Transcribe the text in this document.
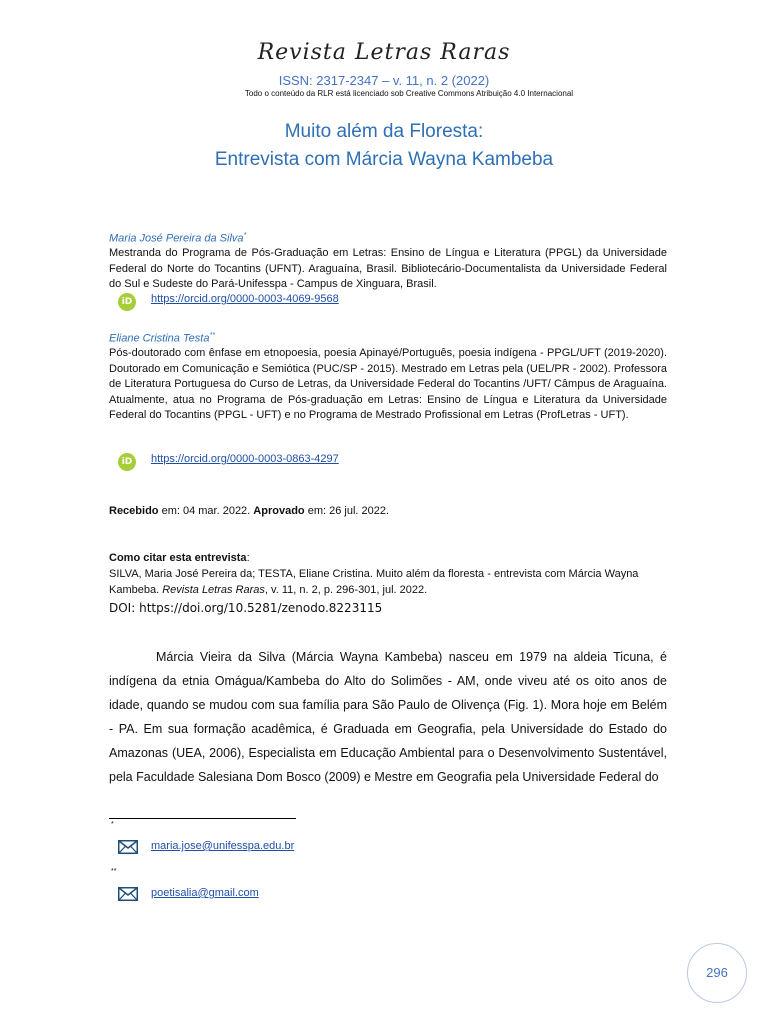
Revista Letras Raras
ISSN: 2317-2347 – v. 11, n. 2 (2022)
Todo o conteúdo da RLR está licenciado sob Creative Commons Atribuição 4.0 Internacional
Muito além da Floresta:
Entrevista com Márcia Wayna Kambeba
Maria José Pereira da Silva*
Mestranda do Programa de Pós-Graduação em Letras: Ensino de Língua e Literatura (PPGL) da Universidade Federal do Norte do Tocantins (UFNT). Araguaína, Brasil. Bibliotecário-Documentalista da Universidade Federal do Sul e Sudeste do Pará-Unifesspa - Campus de Xinguara, Brasil.
iD	https://orcid.org/0000-0003-4069-9568
Eliane Cristina Testa**
Pós-doutorado com ênfase em etnopoesia, poesia Apinayé/Português, poesia indígena - PPGL/UFT (2019-2020). Doutorado em Comunicação e Semiótica (PUC/SP - 2015). Mestrado em Letras pela (UEL/PR - 2002). Professora de Literatura Portuguesa do Curso de Letras, da Universidade Federal do Tocantins /UFT/ Câmpus de Araguaína. Atualmente, atua no Programa de Pós-graduação em Letras: Ensino de Língua e Literatura da Universidade Federal do Tocantins (PPGL - UFT) e no Programa de Mestrado Profissional em Letras (ProfLetras - UFT).
iD	https://orcid.org/0000-0003-0863-4297
Recebido em: 04 mar. 2022. Aprovado em: 26 jul. 2022.
Como citar esta entrevista:
SILVA, Maria José Pereira da; TESTA, Eliane Cristina. Muito além da floresta - entrevista com Márcia Wayna Kambeba. Revista Letras Raras, v. 11, n. 2, p. 296-301, jul. 2022.
DOI: https://doi.org/10.5281/zenodo.8223115
Márcia Vieira da Silva (Márcia Wayna Kambeba) nasceu em 1979 na aldeia Ticuna, é indígena da etnia Omágua/Kambeba do Alto do Solimões - AM, onde viveu até os oito anos de idade, quando se mudou com sua família para São Paulo de Olivença (Fig. 1). Mora hoje em Belém - PA. Em sua formação acadêmica, é Graduada em Geografia, pela Universidade do Estado do Amazonas (UEA, 2006), Especialista em Educação Ambiental para o Desenvolvimento Sustentável, pela Faculdade Salesiana Dom Bosco (2009) e Mestre em Geografia pela Universidade Federal do
*
maria.jose@unifesspa.edu.br
**
poetisalia@gmail.com
296
